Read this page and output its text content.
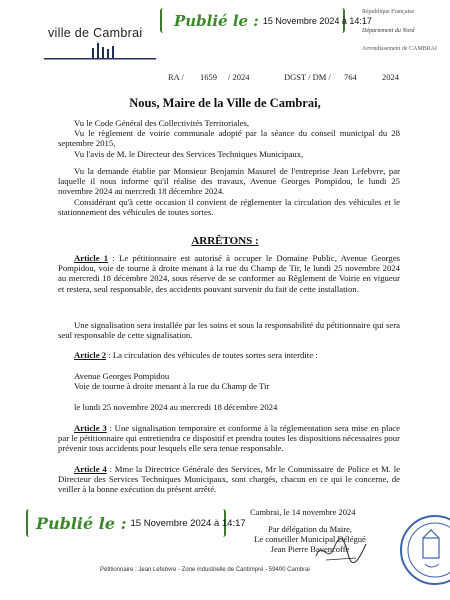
ville de Cambrai
Publié le : 15 Novembre 2024 à 14:17
République Française
Département du Nord
Arrondissement de CAMBRAI
RA / 1659 / 2024	DGST / DM / 764	2024
Nous, Maire de la Ville de Cambrai,
Vu le Code Général des Collectivités Territoriales,
Vu le règlement de voirie communale adopté par la séance du conseil municipal du 28 septembre 2015,
Vu l'avis de M. le Directeur des Services Techniques Municipaux,
Vu la demande établie par Monsieur Benjamin Masurel de l'entreprise Jean Lefebvre, par laquelle il nous informe qu'il réalise des travaux, Avenue Georges Pompidou, le lundi 25 novembre 2024 au mercredi 18 décembre 2024.
Considérant qu'à cette occasion il convient de réglementer la circulation des véhicules et le stationnement des véhicules de toutes sortes.
ARRÊTONS :
Article 1 : Le pétitionnaire est autorisé à occuper le Domaine Public, Avenue Georges Pompidou, voie de tourne à droite menant à la rue du Champ de Tir, le lundi 25 novembre 2024 au mercredi 18 décembre 2024, sous réserve de se conformer au Règlement de Voirie en vigueur et restera, seul responsable, des accidents pouvant survenir du fait de cette installation.
Une signalisation sera installée par les soins et sous la responsabilité du pétitionnaire qui sera seul responsable de cette signalisation.
Article 2 : La circulation des véhicules de toutes sortes sera interdite :
Avenue Georges Pompidou
Voie de tourne à droite menant à la rue du Champ de Tir
le lundi 25 novembre 2024 au mercredi 18 décembre 2024
Article 3 : Une signalisation temporaire et conforme à la réglementation sera mise en place par le pétitionnaire qui entretiendra ce dispositif et prendra toutes les dispositions nécessaires pour prévenir tous accidents pour lesquels elle sera tenue responsable.
Article 4 : Mme la Directrice Générale des Services, Mr le Commissaire de Police et M. le Directeur des Services Techniques Municipaux, sont chargés, chacun en ce qui le concerne, de veiller à la bonne exécution du présent arrêté.
Publié le : 15 Novembre 2024 à 14:17
Cambrai, le 14 novembre 2024
Par délégation du Maire,
Le conseiller Municipal Délégué
Jean Pierre Bavencoffe
Pétitionnaire : Jean Lefebvre - Zone industrielle de Cantimpré - 59400 Cambrai
